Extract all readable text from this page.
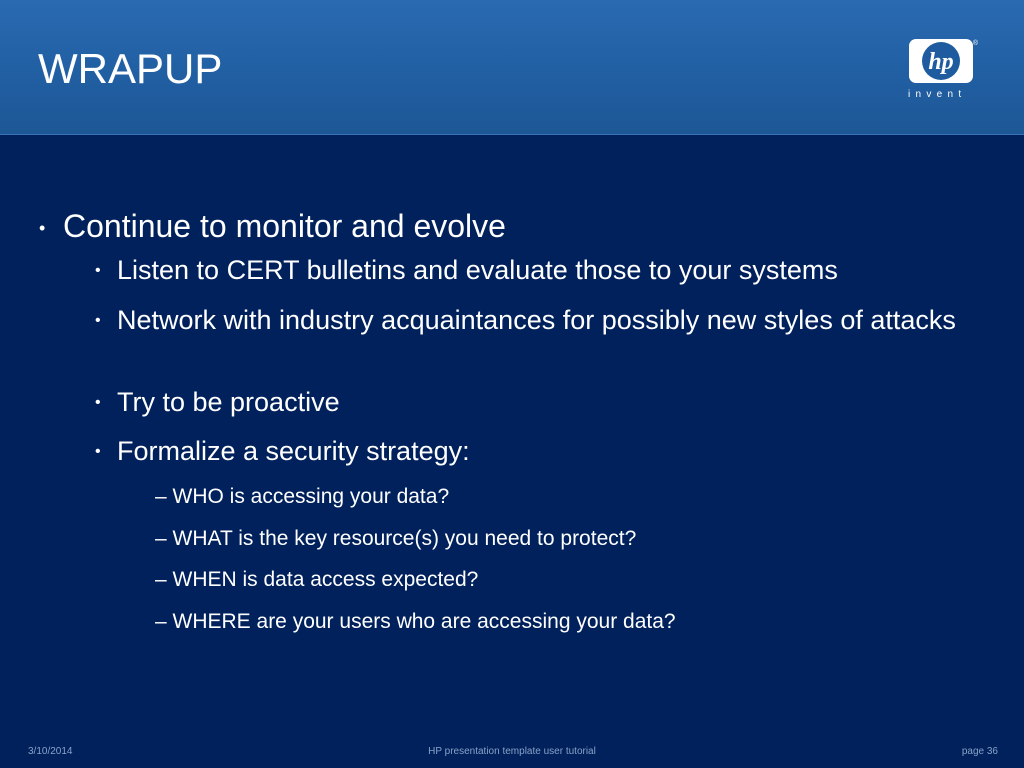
WRAPUP	hp
®
invent
• Continue to monitor and evolve
• Listen to CERT bulletins and evaluate those to your systems
• Network with industry acquaintances for possibly new styles of attacks
• Try to be proactive
• Formalize a security strategy:
– WHO is accessing your data?
– WHAT is the key resource(s) you need to protect?
– WHEN is data access expected?
– WHERE are your users who are accessing your data?
3/10/2014	HP presentation template user tutorial	page 36
